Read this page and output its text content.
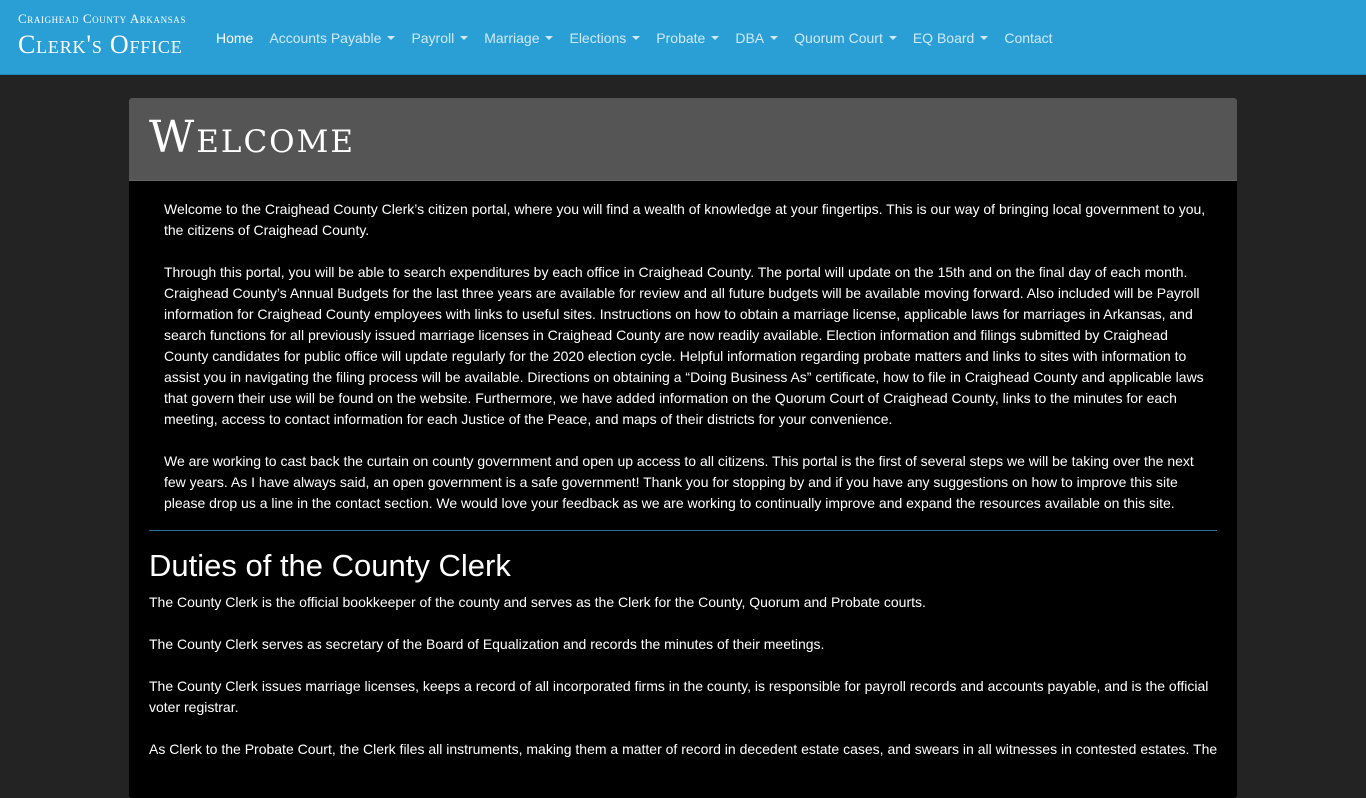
Craighead County Arkansas
Clerk's Office Home Accounts Payable Payroll Marriage Elections Probate DBA Quorum Court EQ Board Contact
Welcome

Welcome to the Craighead County Clerk’s citizen portal, where you will find a wealth of knowledge at your fingertips. This is our way of bringing local government to you, the citizens of Craighead County.

Through this portal, you will be able to search expenditures by each office in Craighead County. The portal will update on the 15th and on the final day of each month. Craighead County’s Annual Budgets for the last three years are available for review and all future budgets will be available moving forward. Also included will be Payroll information for Craighead County employees with links to useful sites. Instructions on how to obtain a marriage license, applicable laws for marriages in Arkansas, and search functions for all previously issued marriage licenses in Craighead County are now readily available. Election information and filings submitted by Craighead County candidates for public office will update regularly for the 2020 election cycle. Helpful information regarding probate matters and links to sites with information to assist you in navigating the filing process will be available. Directions on obtaining a “Doing Business As” certificate, how to file in Craighead County and applicable laws that govern their use will be found on the website. Furthermore, we have added information on the Quorum Court of Craighead County, links to the minutes for each meeting, access to contact information for each Justice of the Peace, and maps of their districts for your convenience.

We are working to cast back the curtain on county government and open up access to all citizens. This portal is the first of several steps we will be taking over the next few years. As I have always said, an open government is a safe government! Thank you for stopping by and if you have any suggestions on how to improve this site please drop us a line in the contact section. We would love your feedback as we are working to continually improve and expand the resources available on this site.

Duties of the County Clerk

The County Clerk is the official bookkeeper of the county and serves as the Clerk for the County, Quorum and Probate courts.

The County Clerk serves as secretary of the Board of Equalization and records the minutes of their meetings.

The County Clerk issues marriage licenses, keeps a record of all incorporated firms in the county, is responsible for payroll records and accounts payable, and is the official voter registrar.

As Clerk to the Probate Court, the Clerk files all instruments, making them a matter of record in decedent estate cases, and swears in all witnesses in contested estates. The
